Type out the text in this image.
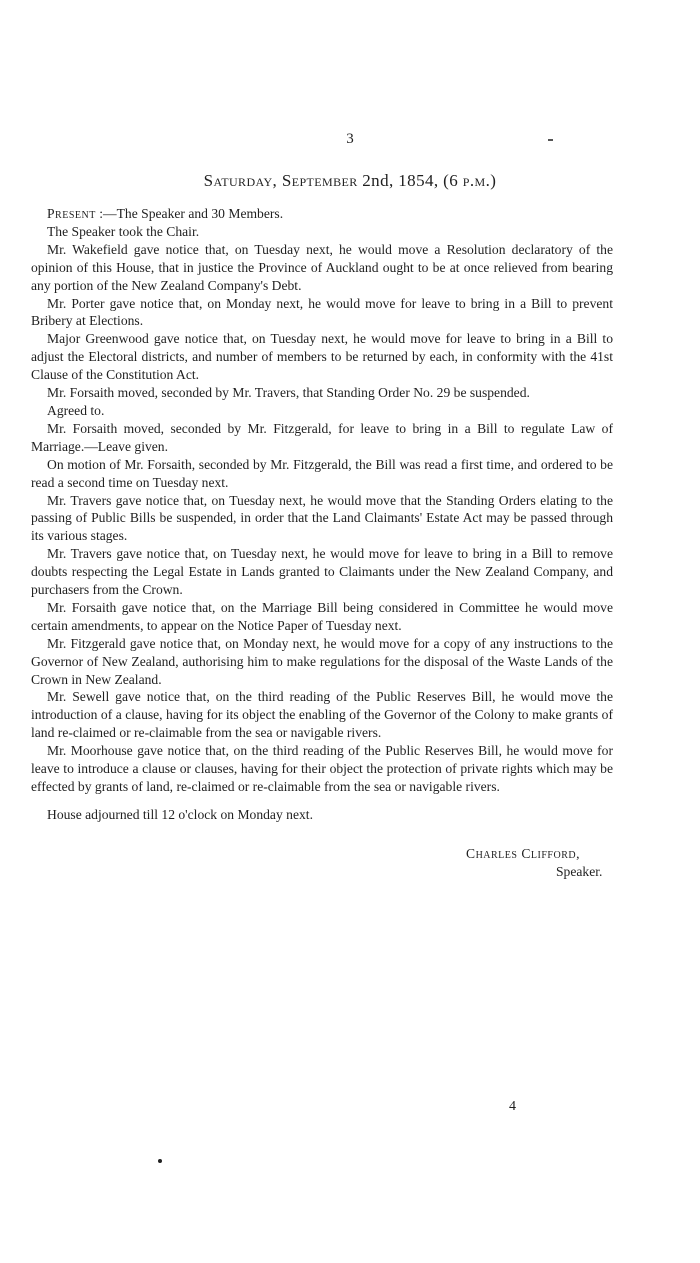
3
Saturday, September 2nd, 1854, (6 p.m.)

Present :—The Speaker and 30 Members.

The Speaker took the Chair.

Mr. Wakefield gave notice that, on Tuesday next, he would move a Resolution declaratory of the opinion of this House, that in justice the Province of Auckland ought to be at once relieved from bearing any portion of the New Zealand Company's Debt.

Mr. Porter gave notice that, on Monday next, he would move for leave to bring in a Bill to prevent Bribery at Elections.

Major Greenwood gave notice that, on Tuesday next, he would move for leave to bring in a Bill to adjust the Electoral districts, and number of members to be returned by each, in conformity with the 41st Clause of the Constitution Act.

Mr. Forsaith moved, seconded by Mr. Travers, that Standing Order No. 29 be suspended.

Agreed to.

Mr. Forsaith moved, seconded by Mr. Fitzgerald, for leave to bring in a Bill to regulate Law of Marriage.—Leave given.

On motion of Mr. Forsaith, seconded by Mr. Fitzgerald, the Bill was read a first time, and ordered to be read a second time on Tuesday next.

Mr. Travers gave notice that, on Tuesday next, he would move that the Standing Orders elating to the passing of Public Bills be suspended, in order that the Land Claimants' Estate Act may be passed through its various stages.

Mr. Travers gave notice that, on Tuesday next, he would move for leave to bring in a Bill to remove doubts respecting the Legal Estate in Lands granted to Claimants under the New Zealand Company, and purchasers from the Crown.

Mr. Forsaith gave notice that, on the Marriage Bill being considered in Committee he would move certain amendments, to appear on the Notice Paper of Tuesday next.

Mr. Fitzgerald gave notice that, on Monday next, he would move for a copy of any instructions to the Governor of New Zealand, authorising him to make regulations for the disposal of the Waste Lands of the Crown in New Zealand.

Mr. Sewell gave notice that, on the third reading of the Public Reserves Bill, he would move the introduction of a clause, having for its object the enabling of the Governor of the Colony to make grants of land re-claimed or re-claimable from the sea or navigable rivers.

Mr. Moorhouse gave notice that, on the third reading of the Public Reserves Bill, he would move for leave to introduce a clause or clauses, having for their object the protection of private rights which may be effected by grants of land, re-claimed or re-claimable from the sea or navigable rivers.

House adjourned till 12 o'clock on Monday next.
Charles Clifford,
Speaker.
4
